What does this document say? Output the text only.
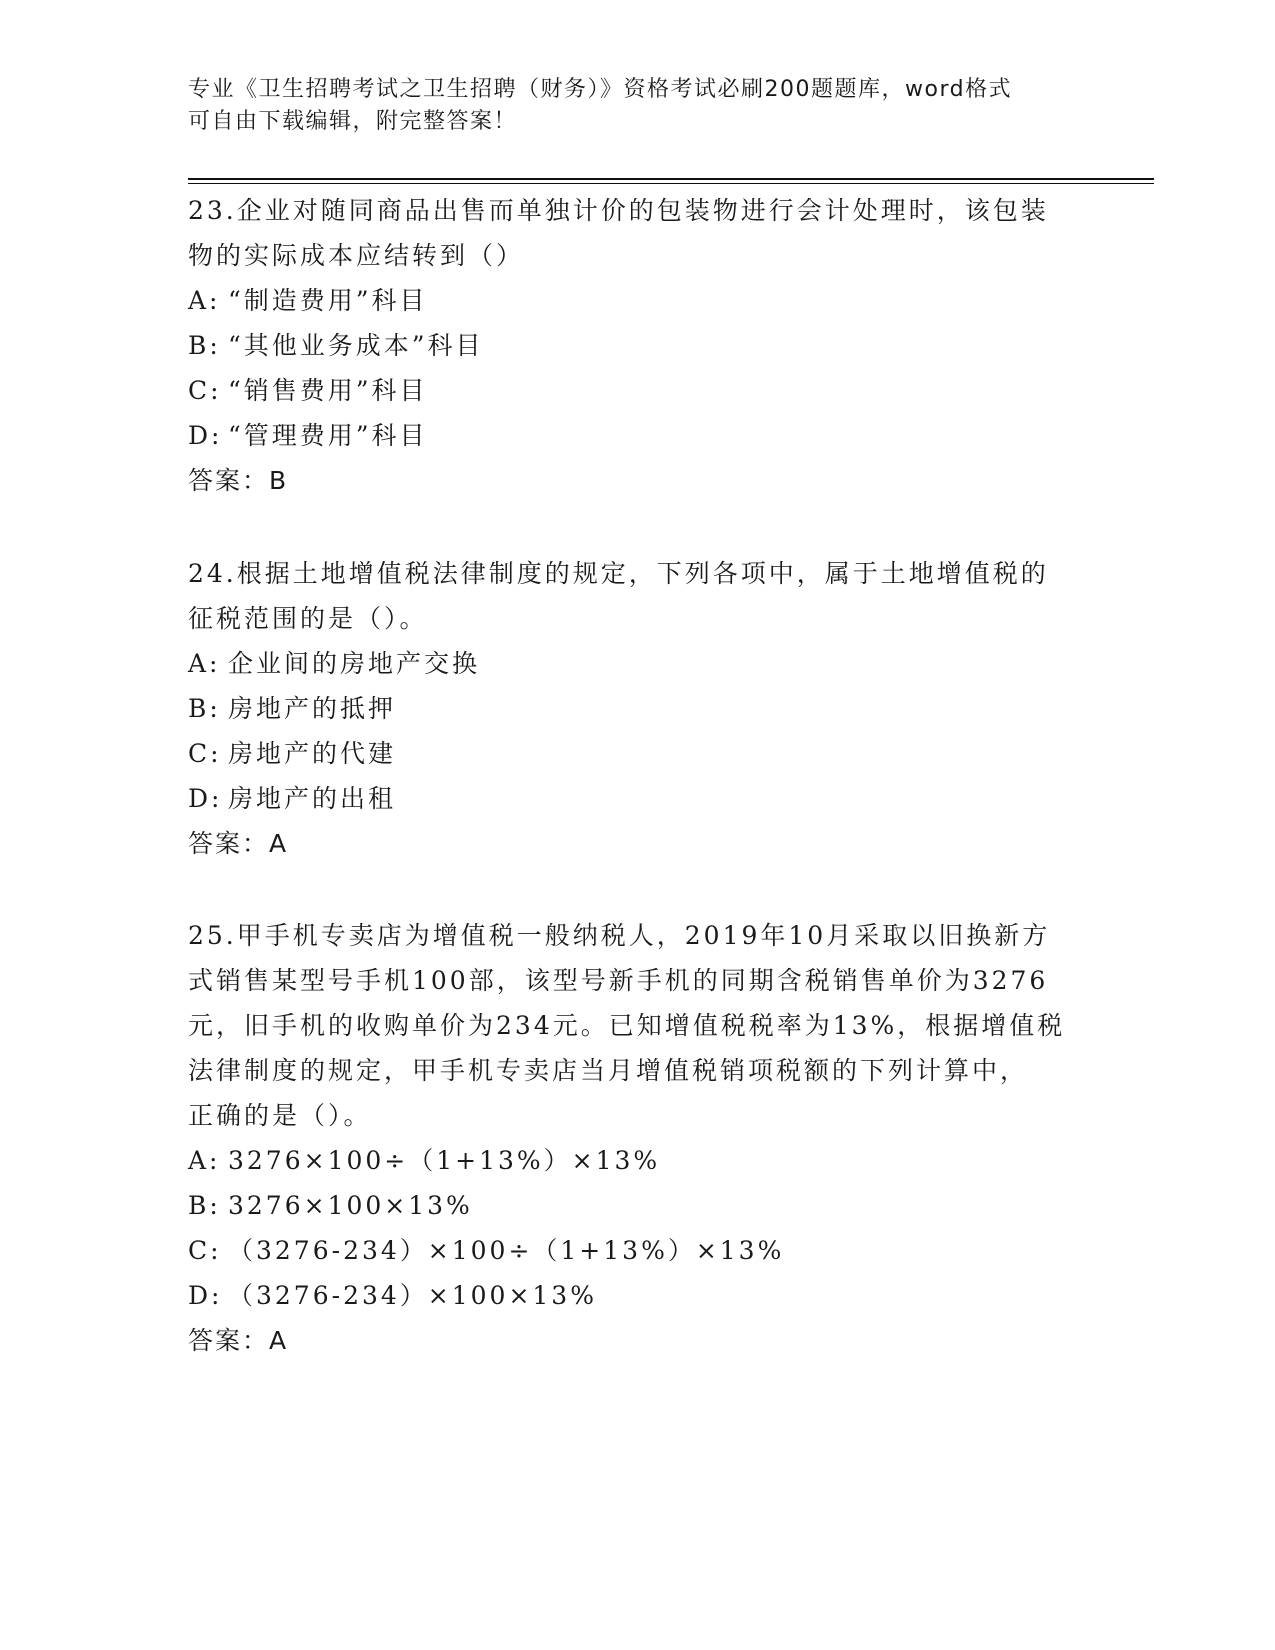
专业《卫生招聘考试之卫生招聘（财务）》资格考试必刷200题题库，word格式
可自由下载编辑，附完整答案！
23.企业对随同商品出售而单独计价的包装物进行会计处理时，该包装
物的实际成本应结转到（）
A: “制造费用”科目
B: “其他业务成本”科目
C: “销售费用”科目
D: “管理费用”科目
答案：B
24.根据土地增值税法律制度的规定，下列各项中，属于土地增值税的
征税范围的是（）。
A: 企业间的房地产交换
B: 房地产的抵押
C: 房地产的代建
D: 房地产的出租
答案：A
25.甲手机专卖店为增值税一般纳税人，2019年10月采取以旧换新方
式销售某型号手机100部，该型号新手机的同期含税销售单价为3276
元，旧手机的收购单价为234元。已知增值税税率为13%，根据增值税
法律制度的规定，甲手机专卖店当月增值税销项税额的下列计算中，
正确的是（）。
A: 3276×100÷（1+13%）×13%
B: 3276×100×13%
C: （3276-234）×100÷（1+13%）×13%
D: （3276-234）×100×13%
答案：A
